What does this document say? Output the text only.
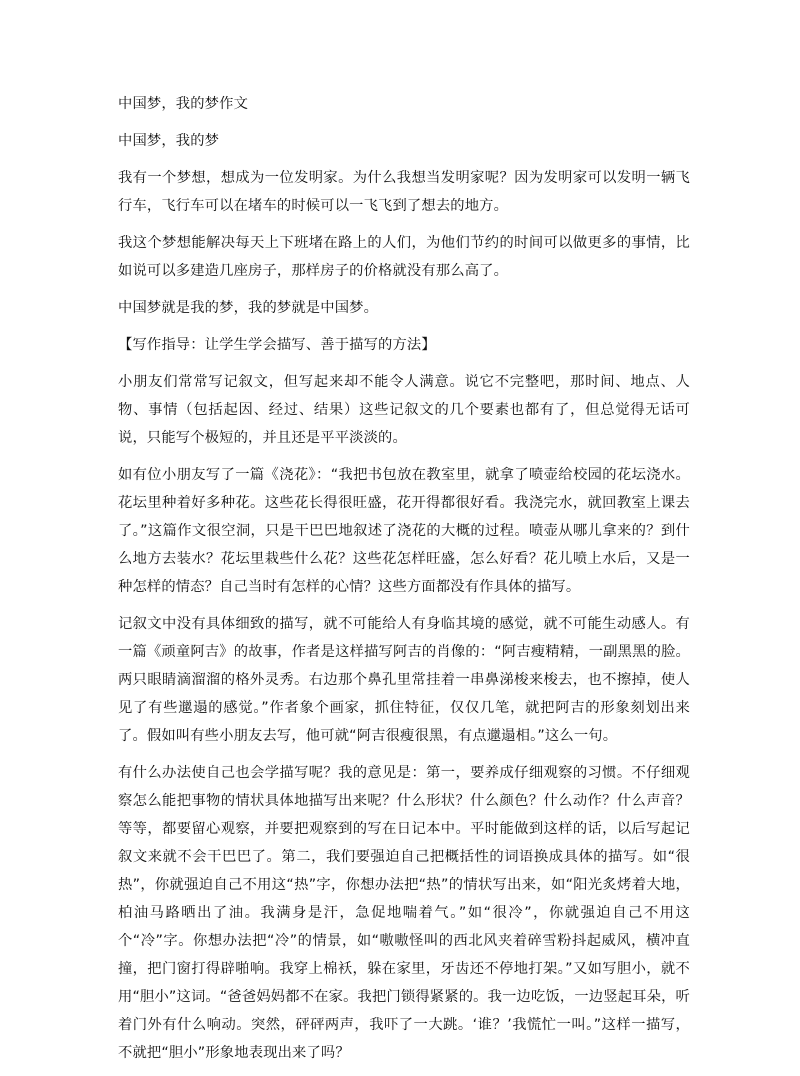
中国梦，我的梦作文

中国梦，我的梦

我有一个梦想，想成为一位发明家。为什么我想当发明家呢？因为发明家可以发明一辆飞行车，飞行车可以在堵车的时候可以一飞飞到了想去的地方。

我这个梦想能解决每天上下班堵在路上的人们，为他们节约的时间可以做更多的事情，比如说可以多建造几座房子，那样房子的价格就没有那么高了。

中国梦就是我的梦，我的梦就是中国梦。

【写作指导：让学生学会描写、善于描写的方法】

小朋友们常常写记叙文，但写起来却不能令人满意。说它不完整吧，那时间、地点、人物、事情（包括起因、经过、结果）这些记叙文的几个要素也都有了，但总觉得无话可说，只能写个极短的，并且还是平平淡淡的。

如有位小朋友写了一篇《浇花》：“我把书包放在教室里，就拿了喷壶给校园的花坛浇水。花坛里种着好多种花。这些花长得很旺盛，花开得都很好看。我浇完水，就回教室上课去了。”这篇作文很空洞，只是干巴巴地叙述了浇花的大概的过程。喷壶从哪儿拿来的？到什么地方去装水？花坛里栽些什么花？这些花怎样旺盛，怎么好看？花儿喷上水后，又是一种怎样的情态？自己当时有怎样的心情？这些方面都没有作具体的描写。

记叙文中没有具体细致的描写，就不可能给人有身临其境的感觉，就不可能生动感人。有一篇《顽童阿吉》的故事，作者是这样描写阿吉的肖像的：“阿吉瘦精精，一副黑黑的脸。两只眼睛滴溜溜的格外灵秀。右边那个鼻孔里常挂着一串鼻涕梭来梭去，也不擦掉，使人见了有些邋遢的感觉。”作者象个画家，抓住特征，仅仅几笔，就把阿吉的形象刻划出来了。假如叫有些小朋友去写，他可就“阿吉很瘦很黑，有点邋遢相。”这么一句。

有什么办法使自己也会学描写呢？我的意见是：第一，要养成仔细观察的习惯。不仔细观察怎么能把事物的情状具体地描写出来呢？什么形状？什么颜色？什么动作？什么声音？等等，都要留心观察，并要把观察到的写在日记本中。平时能做到这样的话，以后写起记叙文来就不会干巴巴了。第二，我们要强迫自己把概括性的词语换成具体的描写。如“很热”，你就强迫自己不用这“热”字，你想办法把“热”的情状写出来，如“阳光炙烤着大地，柏油马路晒出了油。我满身是汗，急促地喘着气。”如“很冷”，你就强迫自己不用这个“冷”字。你想办法把“冷”的情景，如“嗷嗷怪叫的西北风夹着碎雪粉抖起威风，横冲直撞，把门窗打得辟啪响。我穿上棉袄，躲在家里，牙齿还不停地打架。”又如写胆小，就不用“胆小”这词。“爸爸妈妈都不在家。我把门锁得紧紧的。我一边吃饭，一边竖起耳朵，听着门外有什么响动。突然，砰砰两声，我吓了一大跳。‘谁？’我慌忙一叫。”这样一描写，不就把“胆小”形象地表现出来了吗？
